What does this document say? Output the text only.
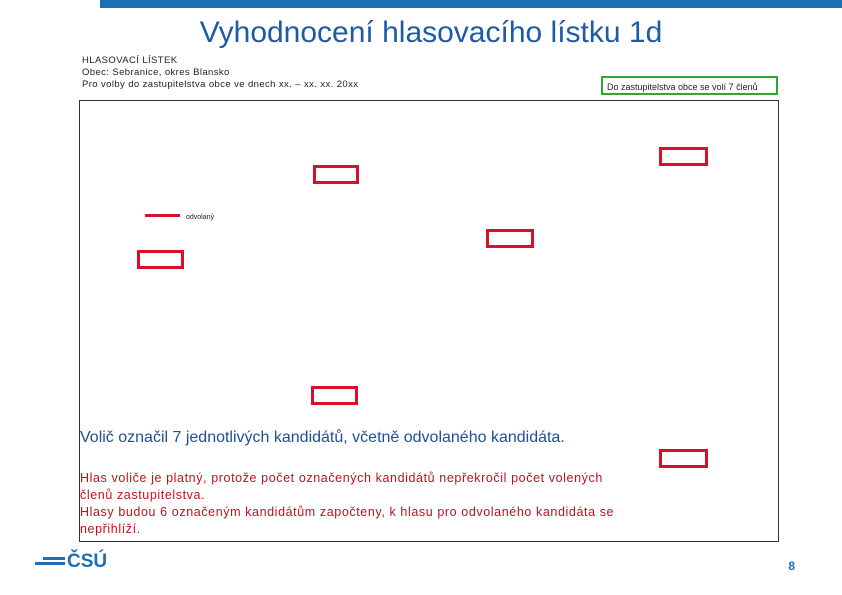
Vyhodnocení hlasovacího lístku 1d
HLASOVACÍ LÍSTEK
Obec: Sebranice, okres Blansko
Pro volby do zastupitelstva obce ve dnech xx. – xx. xx. 20xx	Do zastupitelstva obce se volí 7 členů
odvolaný
Volič označil 7 jednotlivých kandidátů, včetně odvolaného kandidáta.
Hlas voliče je platný, protože počet označených kandidátů nepřekročil počet volených členů zastupitelstva.
Hlasy budou 6 označeným kandidátům započteny, k hlasu pro odvolaného kandidáta se nepřihlíží.
ČSÚ	8
